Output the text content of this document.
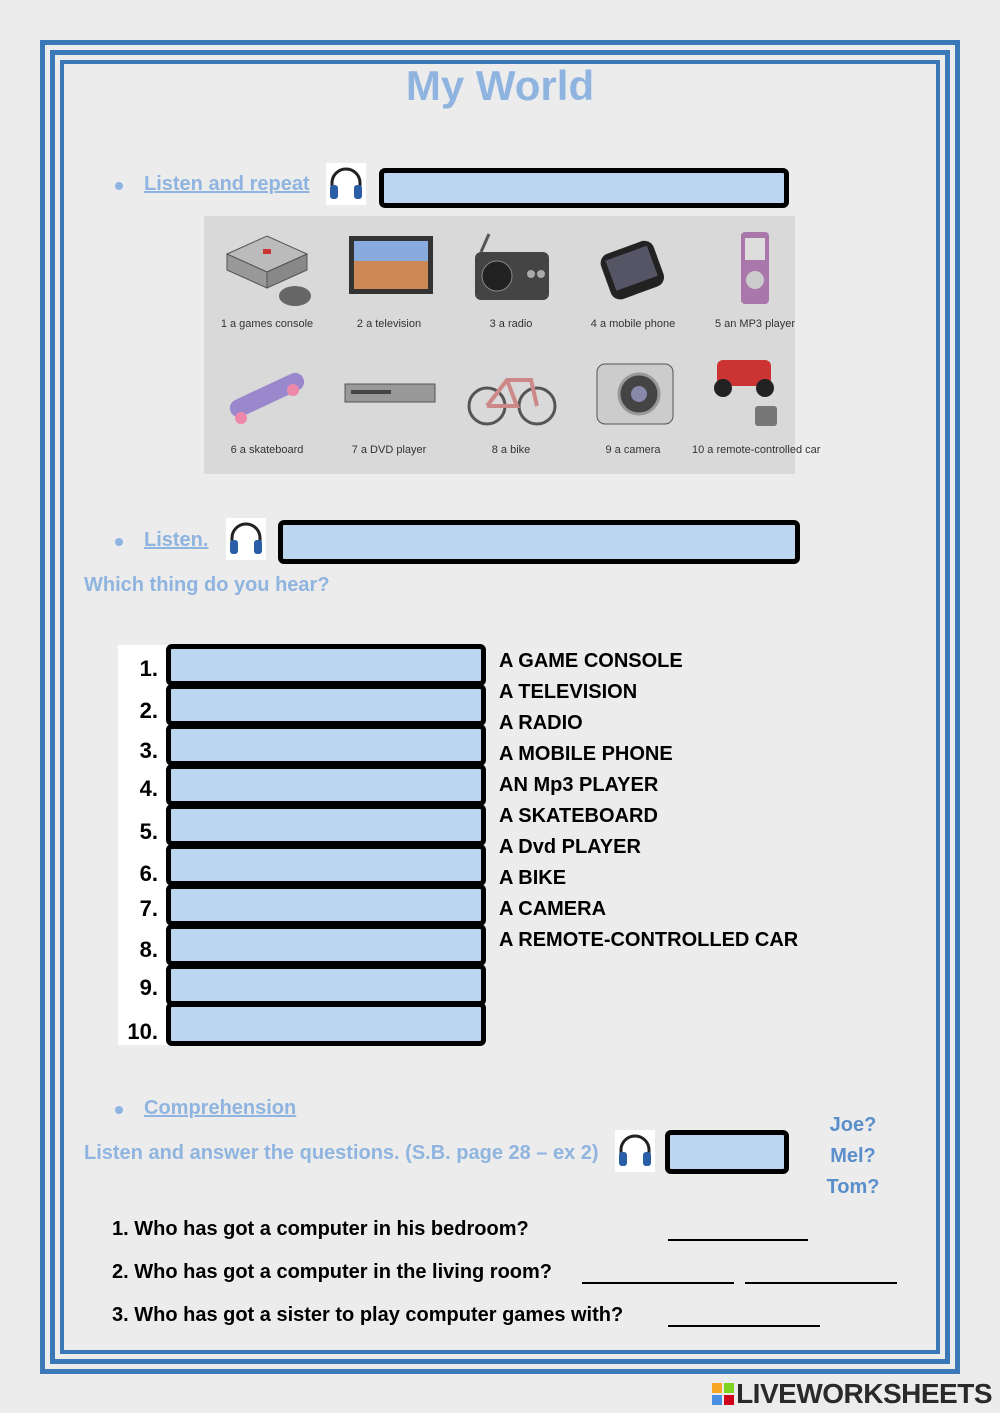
My World
Listen and repeat
1 a games console	2 a television	3 a radio	4 a mobile phone	5 an MP3 player
6 a skateboard	7 a DVD player	8 a bike	9 a camera	10 a remote-controlled car
Listen.
Which thing do you hear?
1.
2.
3.
4.
5.
6.
7.
8.
9.
10.
A GAME CONSOLE
A TELEVISION
A RADIO
A MOBILE PHONE
AN Mp3 PLAYER
A SKATEBOARD
A Dvd PLAYER
A BIKE
A CAMERA
A REMOTE-CONTROLLED CAR
Comprehension
Listen and answer the questions. (S.B. page 28 – ex 2)
Joe?
Mel?
Tom?
1. Who has got a computer in his bedroom?
2. Who has got a computer in the living room?
3. Who has got a sister to play computer games with?
LIVEWORKSHEETS
